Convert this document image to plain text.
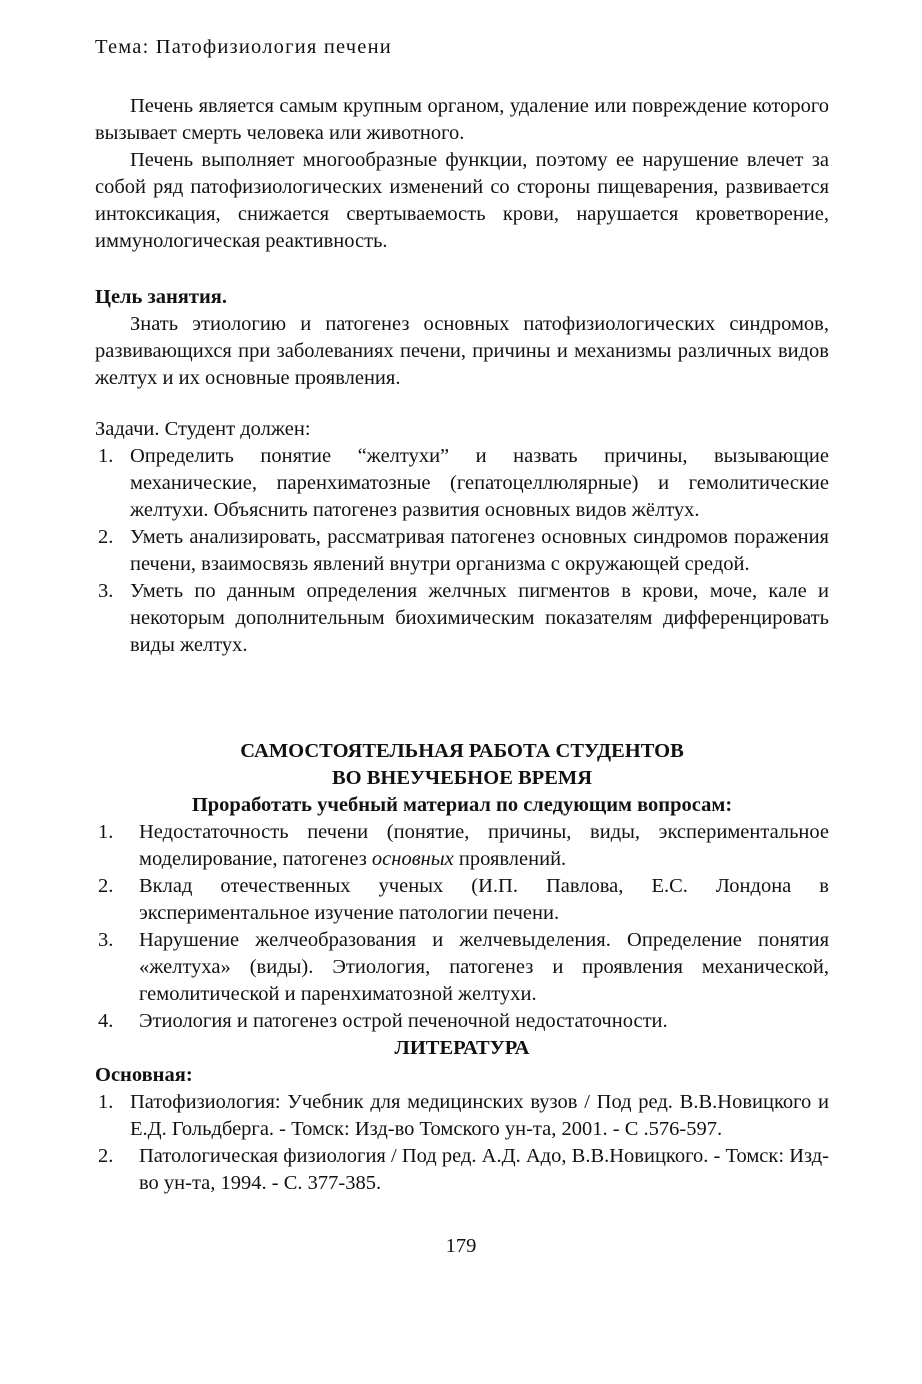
Тема: Патофизиология печени

Печень является самым крупным органом, удаление или повреждение которого вызывает смерть человека или животного.

Печень выполняет многообразные функции, поэтому ее нарушение влечет за собой ряд патофизиологических изменений со стороны пищеварения, развивается интоксикация, снижается свертываемость крови, нарушается кроветворение, иммунологическая реактивность.

Цель занятия.

Знать этиологию и патогенез основных патофизиологических синдромов, развивающихся при заболеваниях печени, причины и механизмы различных видов желтух и их основные проявления.

Задачи. Студент должен:

1. Определить понятие “желтухи” и назвать причины, вызывающие механические, паренхиматозные (гепатоцеллюлярные) и гемолитические желтухи. Объяснить патогенез развития основных видов жёлтух.
2. Уметь анализировать, рассматривая патогенез основных синдромов поражения печени, взаимосвязь явлений внутри организма с окружающей средой.
3. Уметь по данным определения желчных пигментов в крови, моче, кале и некоторым дополнительным биохимическим показателям дифференцировать виды желтух.

САМОСТОЯТЕЛЬНАЯ РАБОТА СТУДЕНТОВ

ВО ВНЕУЧЕБНОЕ ВРЕМЯ

Проработать учебный материал по следующим вопросам:

1. Недостаточность печени (понятие, причины, виды, экспериментальное моделирование, патогенез основных проявлений.
2. Вклад отечественных ученых (И.П. Павлова, Е.С. Лондона в экспериментальное изучение патологии печени.
3. Нарушение желчеобразования и желчевыделения. Определение понятия «желтуха» (виды). Этиология, патогенез и проявления механической, гемолитической и паренхиматозной желтухи.
4. Этиология и патогенез острой печеночной недостаточности.

ЛИТЕРАТУРА

Основная:

1. Патофизиология: Учебник для медицинских вузов / Под ред. В.В.Новицкого и Е.Д. Гольдберга. - Томск: Изд-во Томского ун-та, 2001. - С .576-597.
2. Патологическая физиология / Под ред. А.Д. Адо, В.В.Новицкого. - Томск: Изд-во ун-та, 1994. - С. 377-385.
179
